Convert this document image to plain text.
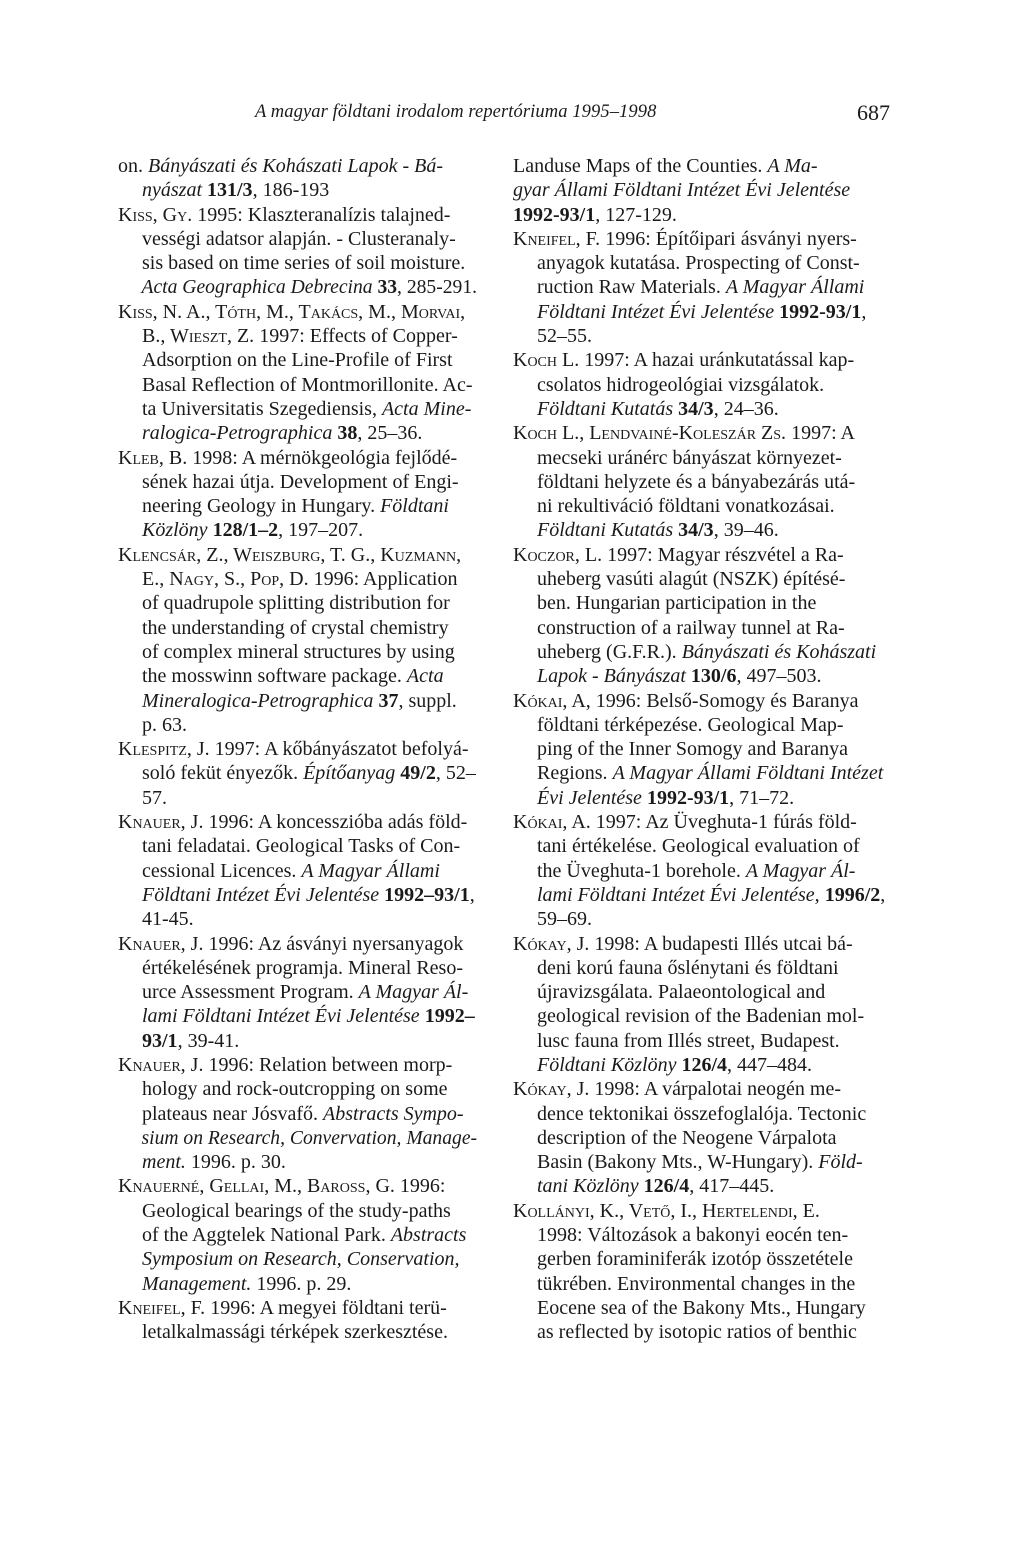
A magyar földtani irodalom repertóriuma 1995–1998	687
on. Bányászati és Kohászati Lapok - Bá-
nyászat 131/3, 186-193
Kiss, Gy. 1995: Klaszteranalízis talajned-
vességi adatsor alapján. - Clusteranaly-
sis based on time series of soil moisture.
Acta Geographica Debrecina 33, 285-291.
Kiss, N. A., Tóth, M., Takács, M., Morvai,
B., Wieszt, Z. 1997: Effects of Copper-
Adsorption on the Line-Profile of First
Basal Reflection of Montmorillonite. Ac-
ta Universitatis Szegediensis, Acta Mine-
ralogica-Petrographica 38, 25–36.
Kleb, B. 1998: A mérnökgeológia fejlődé-
sének hazai útja. Development of Engi-
neering Geology in Hungary. Földtani
Közlöny 128/1–2, 197–207.
Klencsár, Z., Weiszburg, T. G., Kuzmann,
E., Nagy, S., Pop, D. 1996: Application
of quadrupole splitting distribution for
the understanding of crystal chemistry
of complex mineral structures by using
the mosswinn software package. Acta
Mineralogica-Petrographica 37, suppl.
p. 63.
Klespitz, J. 1997: A kőbányászatot befolyá-
soló feküt ényezők. Építőanyag 49/2, 52–
57.
Knauer, J. 1996: A koncesszióba adás föld-
tani feladatai. Geological Tasks of Con-
cessional Licences. A Magyar Állami
Földtani Intézet Évi Jelentése 1992–93/1,
41-45.
Knauer, J. 1996: Az ásványi nyersanyagok
értékelésének programja. Mineral Reso-
urce Assessment Program. A Magyar Ál-
lami Földtani Intézet Évi Jelentése 1992–
93/1, 39-41.
Knauer, J. 1996: Relation between morp-
hology and rock-outcropping on some
plateaus near Jósvafő. Abstracts Sympo-
sium on Research, Convervation, Manage-
ment. 1996. p. 30.
Knauerné, Gellai, M., Baross, G. 1996:
Geological bearings of the study-paths
of the Aggtelek National Park. Abstracts
Symposium on Research, Conservation,
Management. 1996. p. 29.
Kneifel, F. 1996: A megyei földtani terü-
letalkalmassági térképek szerkesztése.
Landuse Maps of the Counties. A Ma-
gyar Állami Földtani Intézet Évi Jelentése
1992-93/1, 127-129.
Kneifel, F. 1996: Építőipari ásványi nyers-
anyagok kutatása. Prospecting of Const-
ruction Raw Materials. A Magyar Állami
Földtani Intézet Évi Jelentése 1992-93/1,
52–55.
Koch L. 1997: A hazai uránkutatással kap-
csolatos hidrogeológiai vizsgálatok.
Földtani Kutatás 34/3, 24–36.
Koch L., Lendvainé-Koleszár Zs. 1997: A
mecseki uránérc bányászat környezet-
földtani helyzete és a bányabezárás utá-
ni rekultiváció földtani vonatkozásai.
Földtani Kutatás 34/3, 39–46.
Koczor, L. 1997: Magyar részvétel a Ra-
uheberg vasúti alagút (NSZK) építésé-
ben. Hungarian participation in the
construction of a railway tunnel at Ra-
uheberg (G.F.R.). Bányászati és Kohászati
Lapok - Bányászat 130/6, 497–503.
Kókai, A, 1996: Belső-Somogy és Baranya
földtani térképezése. Geological Map-
ping of the Inner Somogy and Baranya
Regions. A Magyar Állami Földtani Intézet
Évi Jelentése 1992-93/1, 71–72.
Kókai, A. 1997: Az Üveghuta-1 fúrás föld-
tani értékelése. Geological evaluation of
the Üveghuta-1 borehole. A Magyar Ál-
lami Földtani Intézet Évi Jelentése, 1996/2,
59–69.
Kókay, J. 1998: A budapesti Illés utcai bá-
deni korú fauna őslénytani és földtani
újravizsgálata. Palaeontological and
geological revision of the Badenian mol-
lusc fauna from Illés street, Budapest.
Földtani Közlöny 126/4, 447–484.
Kókay, J. 1998: A várpalotai neogén me-
dence tektonikai összefoglalója. Tectonic
description of the Neogene Várpalota
Basin (Bakony Mts., W-Hungary). Föld-
tani Közlöny 126/4, 417–445.
Kollányi, K., Vető, I., Hertelendi, E.
1998: Változások a bakonyi eocén ten-
gerben foraminiferák izotóp összetétele
tükrében. Environmental changes in the
Eocene sea of the Bakony Mts., Hungary
as reflected by isotopic ratios of benthic
